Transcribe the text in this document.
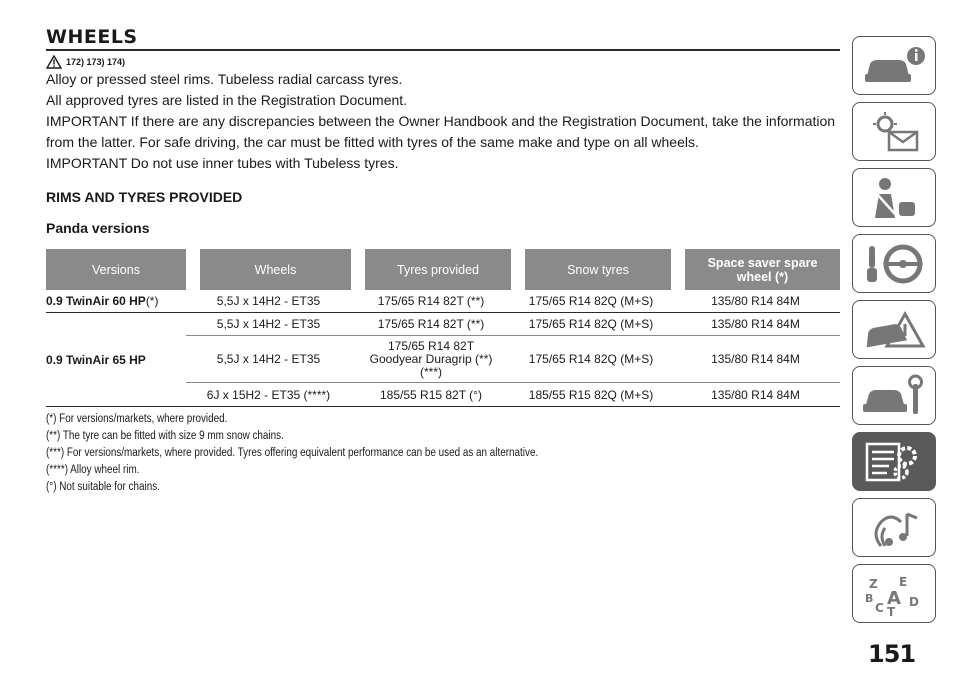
WHEELS
172) 173) 174)

Alloy or pressed steel rims. Tubeless radial carcass tyres.

All approved tyres are listed in the Registration Document.

IMPORTANT If there are any discrepancies between the Owner Handbook and the Registration Document, take the information from the latter. For safe driving, the car must be fitted with tyres of the same make and type on all wheels.

IMPORTANT Do not use inner tubes with Tubeless tyres.

RIMS AND TYRES PROVIDED
Panda versions
Versions	Wheels	Tyres provided	Snow tyres	Space saver spare wheel (*)
0.9 TwinAir 60 HP(*)	5,5J x 14H2 - ET35	175/65 R14 82T (**)	175/65 R14 82Q (M+S)	135/80 R14 84M
0.9 TwinAir 65 HP	5,5J x 14H2 - ET35	175/65 R14 82T (**)	175/65 R14 82Q (M+S)	135/80 R14 84M
	5,5J x 14H2 - ET35	175/65 R14 82T
Goodyear Duragrip (**)
(***)	175/65 R14 82Q (M+S)	135/80 R14 84M
	6J x 15H2 - ET35 (****)	185/55 R15 82T (°)	185/55 R15 82Q (M+S)	135/80 R14 84M
(*) For versions/markets, where provided.
(**) The tyre can be fitted with size 9 mm snow chains.
(***) For versions/markets, where provided. Tyres offering equivalent performance can be used as an alternative.
(****) Alloy wheel rim.
(°) Not suitable for chains.
Z E
B A D
C T
151
